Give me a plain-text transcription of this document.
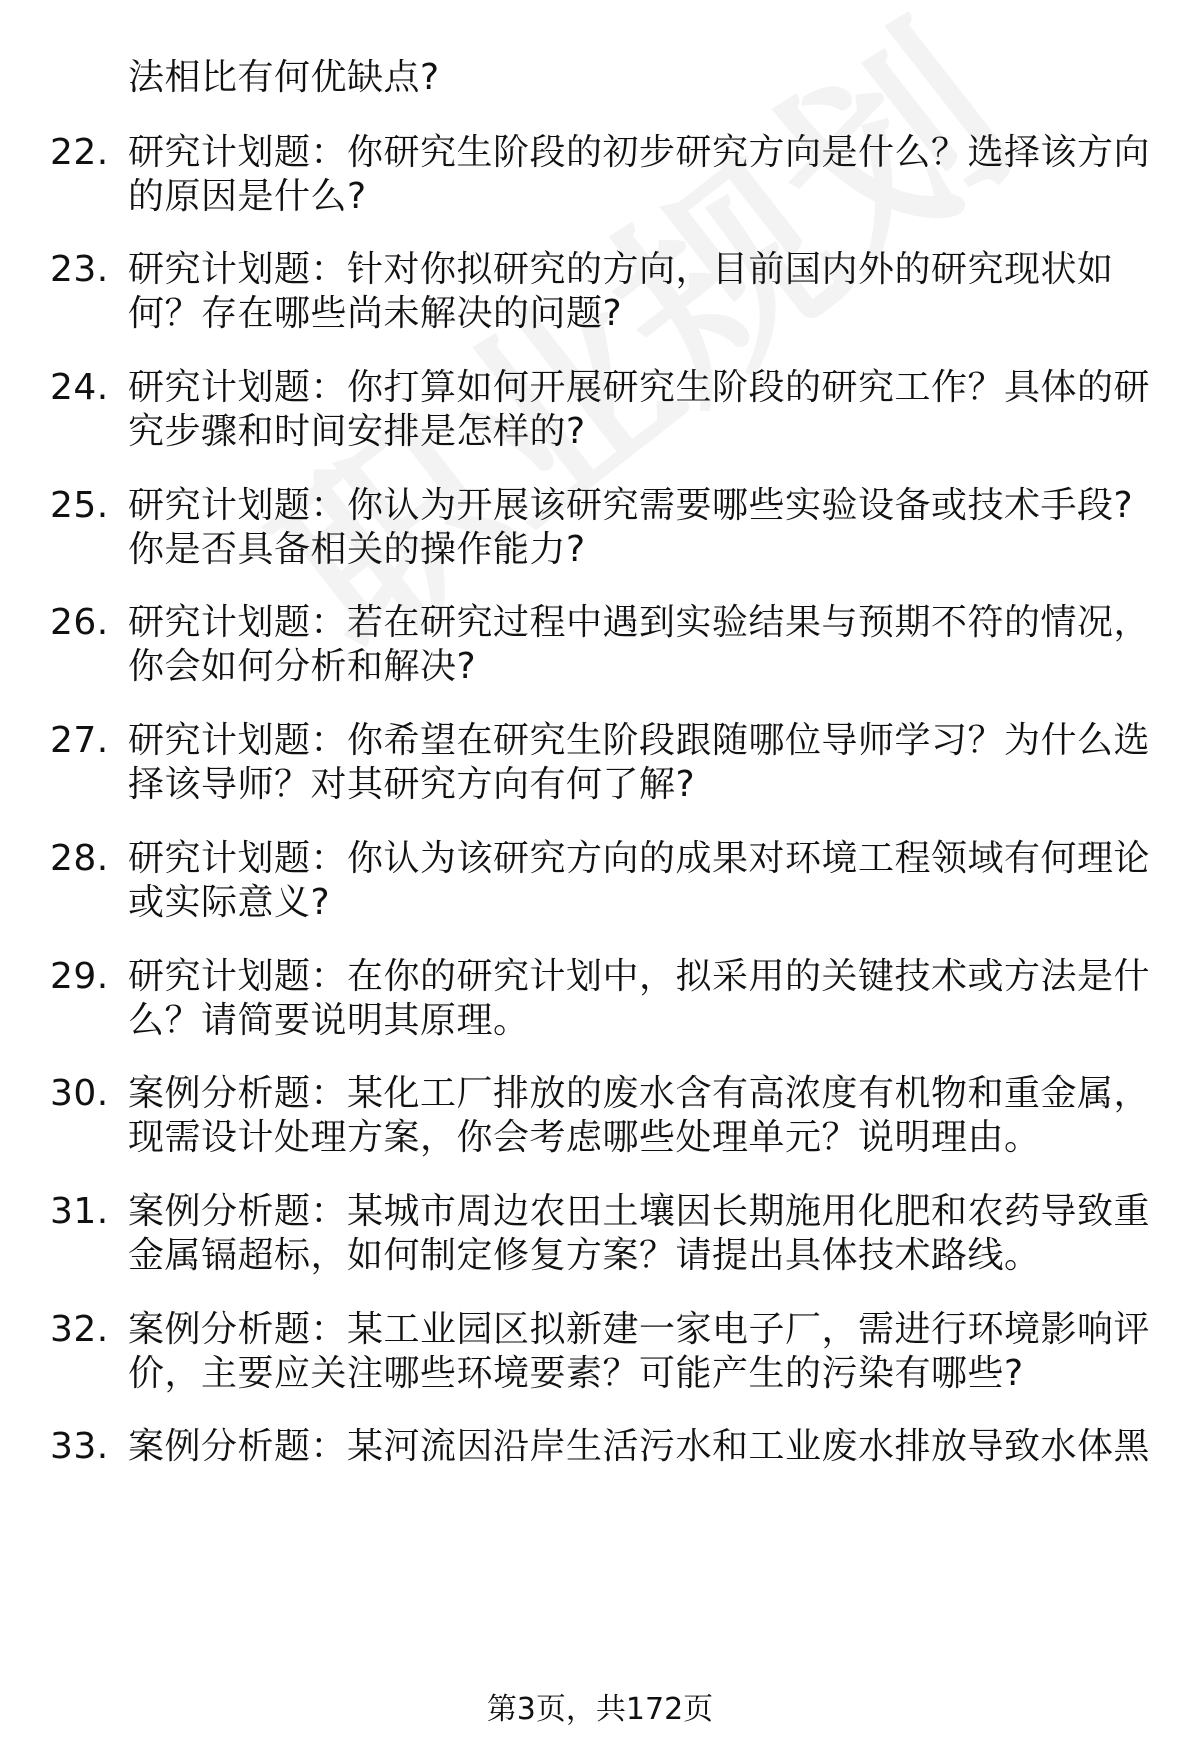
法相比有何优缺点?
22. 研究计划题：你研究生阶段的初步研究方向是什么？选择该方向
的原因是什么?
23. 研究计划题：针对你拟研究的方向，目前国内外的研究现状如
何？存在哪些尚未解决的问题?
24. 研究计划题：你打算如何开展研究生阶段的研究工作？具体的研
究步骤和时间安排是怎样的?
25. 研究计划题：你认为开展该研究需要哪些实验设备或技术手段?
你是否具备相关的操作能力?
26. 研究计划题：若在研究过程中遇到实验结果与预期不符的情况，
你会如何分析和解决?
27. 研究计划题：你希望在研究生阶段跟随哪位导师学习？为什么选
择该导师？对其研究方向有何了解?
28. 研究计划题：你认为该研究方向的成果对环境工程领域有何理论
或实际意义?
29. 研究计划题：在你的研究计划中，拟采用的关键技术或方法是什
么？请简要说明其原理。
30. 案例分析题：某化工厂排放的废水含有高浓度有机物和重金属，
现需设计处理方案，你会考虑哪些处理单元？说明理由。
31. 案例分析题：某城市周边农田土壤因长期施用化肥和农药导致重
金属镉超标，如何制定修复方案？请提出具体技术路线。
32. 案例分析题：某工业园区拟新建一家电子厂，需进行环境影响评
价，主要应关注哪些环境要素？可能产生的污染有哪些?
33. 案例分析题：某河流因沿岸生活污水和工业废水排放导致水体黑
第3页，共172页
